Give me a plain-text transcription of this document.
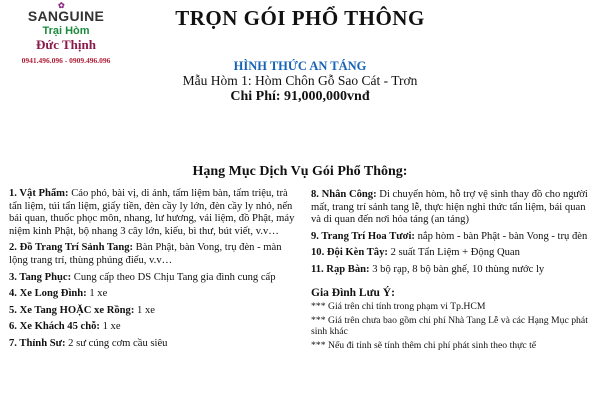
✿
SANGUINE
Trại Hòm
Đức Thịnh
0941.496.096 - 0909.496.096
TRỌN GÓI PHỔ THÔNG
HÌNH THỨC AN TÁNG
Mẫu Hòm 1: Hòm Chôn Gỗ Sao Cát - Trơn
Chi Phí: 91,000,000vnđ
Hạng Mục Dịch Vụ Gói Phổ Thông:
1. Vật Phẩm: Cáo phó, bài vị, di ảnh, tấm liệm bàn, tấm triệu, trà tẩn liệm, túi tẩn liệm, giấy tiền, đèn cầy ly lớn, đèn cầy ly nhỏ, nến bái quan, thuốc phọc môn, nhang, lư hương, vải liệm, đồ Phật, máy niệm kinh Phật, bộ nhang 3 cây lớn, kiếu, bì thư, bút viết, v.v…
2. Đồ Trang Trí Sảnh Tang: Bàn Phật, bàn Vong, trụ đèn - màn lộng trang trí, thùng phúng điếu, v.v…
3. Tang Phục: Cung cấp theo DS Chịu Tang gia đình cung cấp
4. Xe Long Đình: 1 xe
5. Xe Tang HOẶC xe Rồng: 1 xe
6. Xe Khách 45 chỗ: 1 xe
7. Thỉnh Sư: 2 sư cúng cơm cầu siêu
8. Nhân Công: Di chuyển hòm, hỗ trợ vệ sinh thay đồ cho người mất, trang trí sảnh tang lễ, thực hiện nghi thức tẩn liệm, bái quan và di quan đến nơi hỏa táng (an táng)
9. Trang Trí Hoa Tươi: nắp hòm - bàn Phật - bàn Vong - trụ đèn
10. Đội Kèn Tây: 2 suất Tẩn Liệm + Động Quan
11. Rạp Bàn: 3 bộ rạp, 8 bộ bàn ghế, 10 thùng nước ly
Gia Đình Lưu Ý:
*** Giá trên chỉ tính trong phạm vi Tp.HCM
*** Giá trên chưa bao gồm chi phí Nhà Tang Lễ và các Hạng Mục phát sinh khác
*** Nếu đi tỉnh sẽ tính thêm chi phí phát sinh theo thực tế
